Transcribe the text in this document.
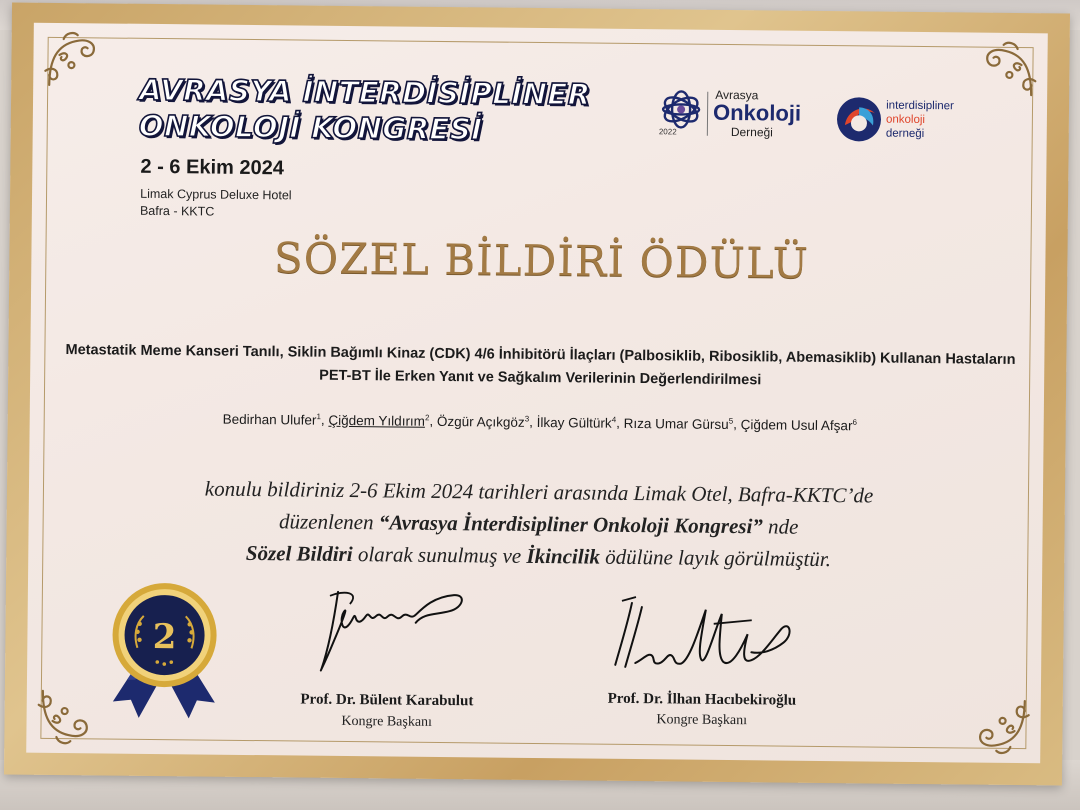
AVRASYA İNTERDİSİPLİNER
ONKOLOJİ KONGRESİ
2 - 6 Ekim 2024
Limak Cyprus Deluxe Hotel
Bafra - KKTC
2022
Avrasya
Onkoloji
Derneği
interdisipliner
onkoloji
derneği
SÖZEL BİLDİRİ ÖDÜLÜ
Metastatik Meme Kanseri Tanılı, Siklin Bağımlı Kinaz (CDK) 4/6 İnhibitörü İlaçları (Palbosiklib, Ribosiklib, Abemasiklib) Kullanan Hastaların
PET-BT İle Erken Yanıt ve Sağkalım Verilerinin Değerlendirilmesi
Bedirhan Ulufer$^1$, Çiğdem Yıldırım$^2$, Özgür Açıkgöz$^3$, İlkay Gültürk$^4$, Rıza Umar Gürsu$^5$, Çiğdem Usul Afşar$^6$
konulu bildiriniz 2-6 Ekim 2024 tarihleri arasında Limak Otel, Bafra-KKTC’de
düzenlenen “Avrasya İnterdisipliner Onkoloji Kongresi” nde
Sözel Bildiri olarak sunulmuş ve İkincilik ödülüne layık görülmüştür.
2
Prof. Dr. Bülent Karabulut
Kongre Başkanı
Prof. Dr. İlhan Hacıbekiroğlu
Kongre Başkanı
